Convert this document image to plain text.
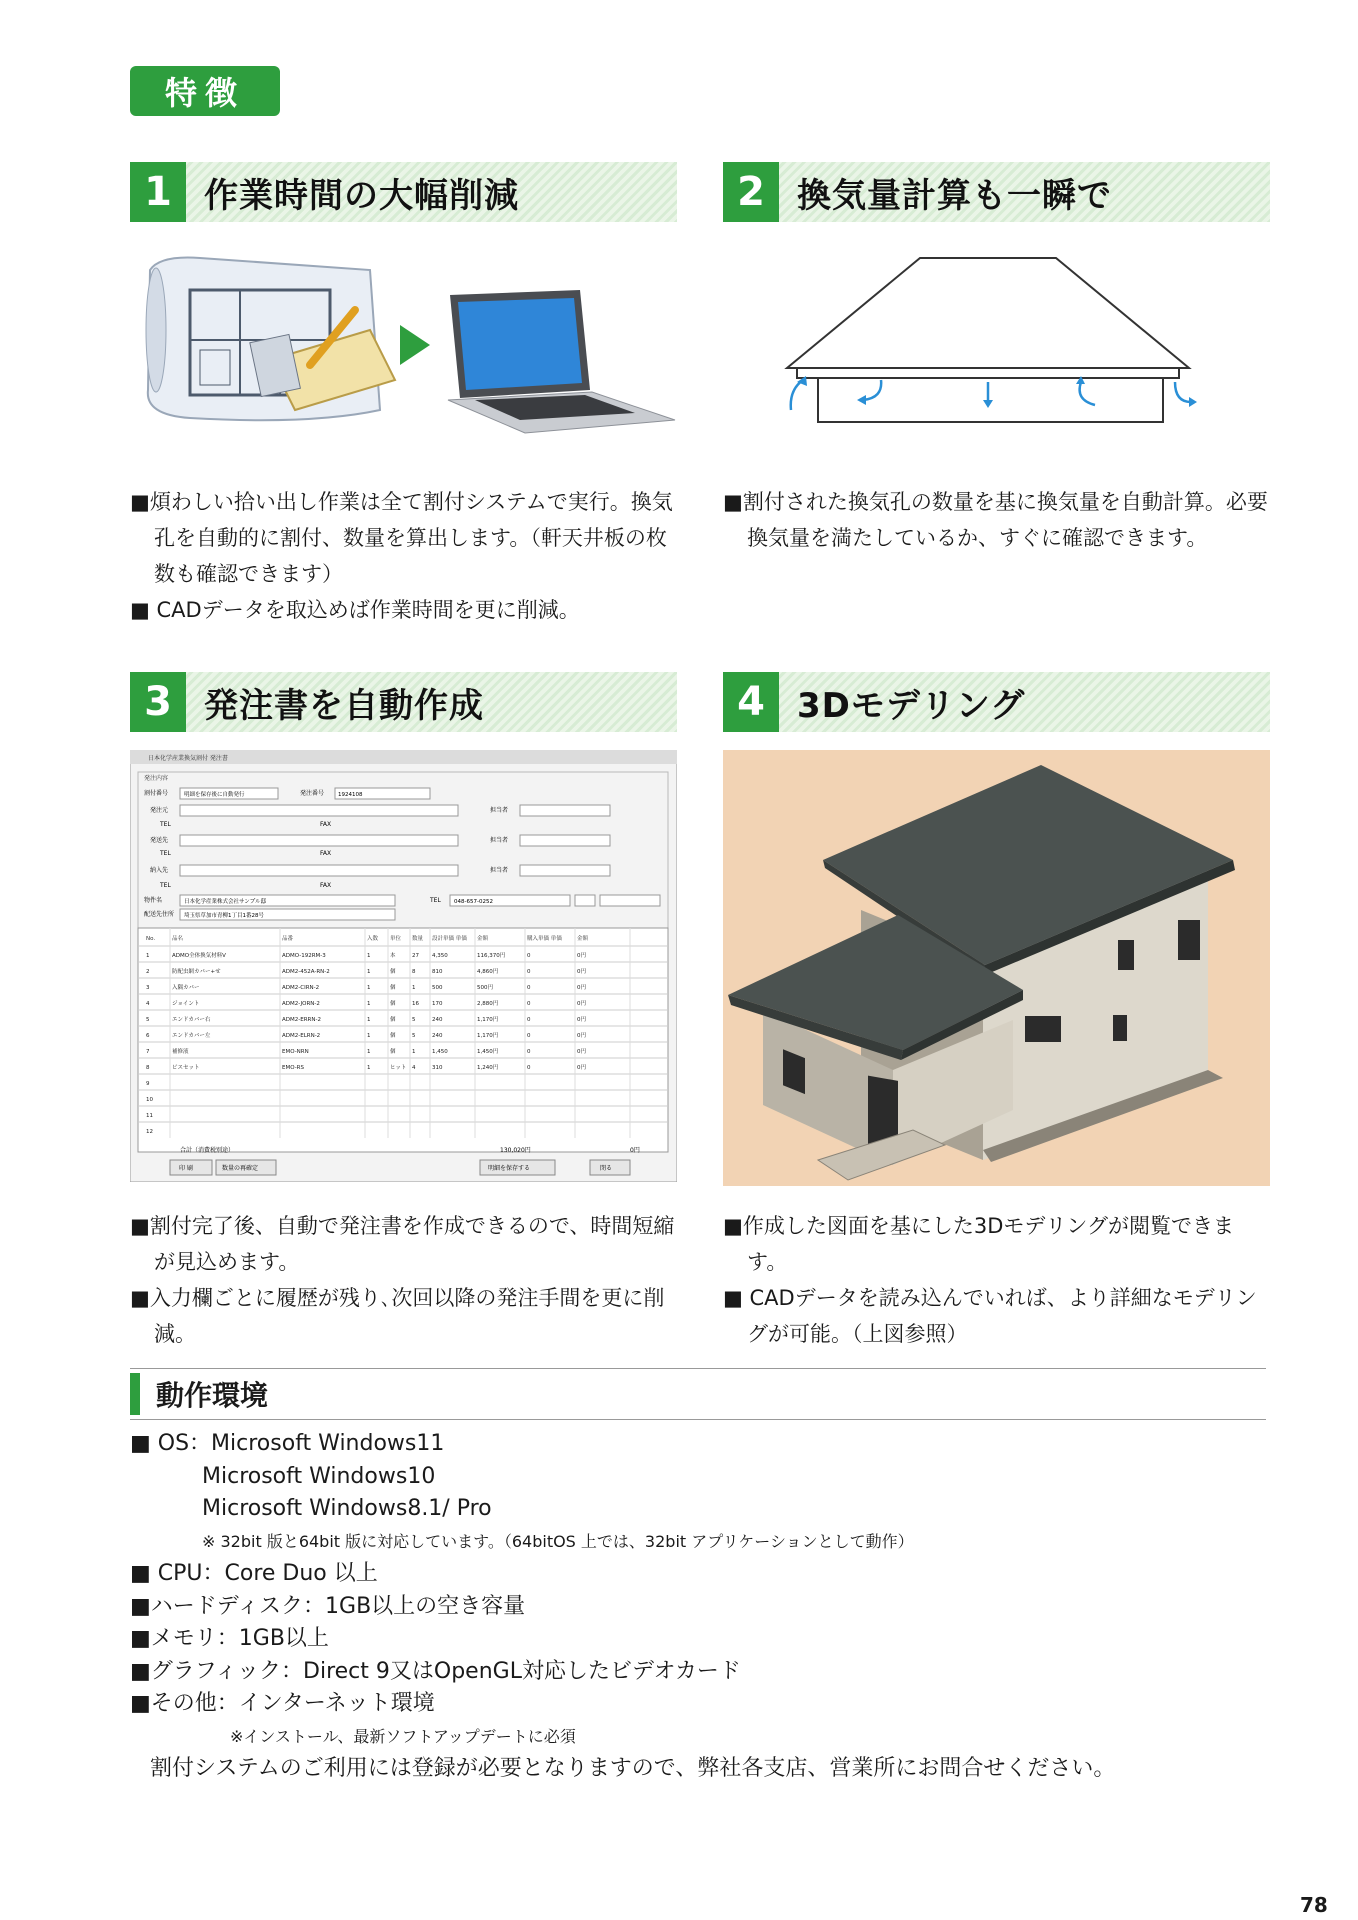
特徴
1 作業時間の大幅削減	2 換気量計算も一瞬で
3 発注書を自動作成	4 3Dモデリング

■煩わしい拾い出し作業は全て割付システムで実行。換気孔を自動的に割付、数量を算出します。（軒天井板の枚数も確認できます）

■ CADデータを取込めば作業時間を更に削減。

■割付された換気孔の数量を基に換気量を自動計算。必要換気量を満たしているか、すぐに確認できます。

日本化学産業換気割付 発注書
発注内容
割付番号	明細を保存後に自動発行	発注番号	1924108
発注元	担当者
TEL	FAX
発送先	担当者
TEL	FAX
納入先	担当者
TEL	FAX
物件名	日本化学産業株式会社サンプル邸	TEL 048-657-0252
配送先住所 埼玉県草加市青柳1丁目1番28号
No.	品名	品番	入数 単位 数量 設計単価 単価 金額	購入単価 単価	金額
1	ADMO全体換気材料V	ADMO-192RM-3	1	本	27 4,350	116,370円	0	0円
2	防配虫網カバー+せ	ADM2-452A-RN-2	1	個	8	810	4,860円	0	0円
3	入隅カバー	ADM2-CIRN-2	1	個	1	500	500円	0	0円
4	ジョイント	ADM2-JORN-2	1	個	16 170	2,880円	0	0円
5	エンドカバー右	ADM2-ERRN-2	1	個	5	240	1,170円	0	0円
6	エンドカバー左	ADM2-ELRN-2	1	個	5	240	1,170円	0	0円
7	補修液	EMO-NRN	1	個	1	1,450	1,450円	0	0円
8	ビスセット	EMO-RS	1	ヒット 4	310	1,240円	0	0円
9
10
11
12
合計（消費税別途）	130,020円	0円
印 刷	数量の再確定	明細を保存する	閉る

■割付完了後、自動で発注書を作成できるので、時間短縮が見込めます。

■入力欄ごとに履歴が残り､次回以降の発注手間を更に削減。

■作成した図面を基にした3Dモデリングが閲覧できます。

■ CADデータを読み込んでいれば、より詳細なモデリングが可能。（上図参照）

動作環境
■ OS：Microsoft Windows11
Microsoft Windows10
Microsoft Windows8.1/ Pro
※ 32bit 版と64bit 版に対応しています。（64bitOS 上では、32bit アプリケーションとして動作）
■ CPU：Core Duo 以上
■ハードディスク：1GB以上の空き容量
■メモリ：1GB以上
■グラフィック：Direct 9又はOpenGL対応したビデオカード
■その他：インターネット環境
※インストール、最新ソフトアップデートに必須
割付システムのご利用には登録が必要となりますので、弊社各支店、営業所にお問合せください。
78
